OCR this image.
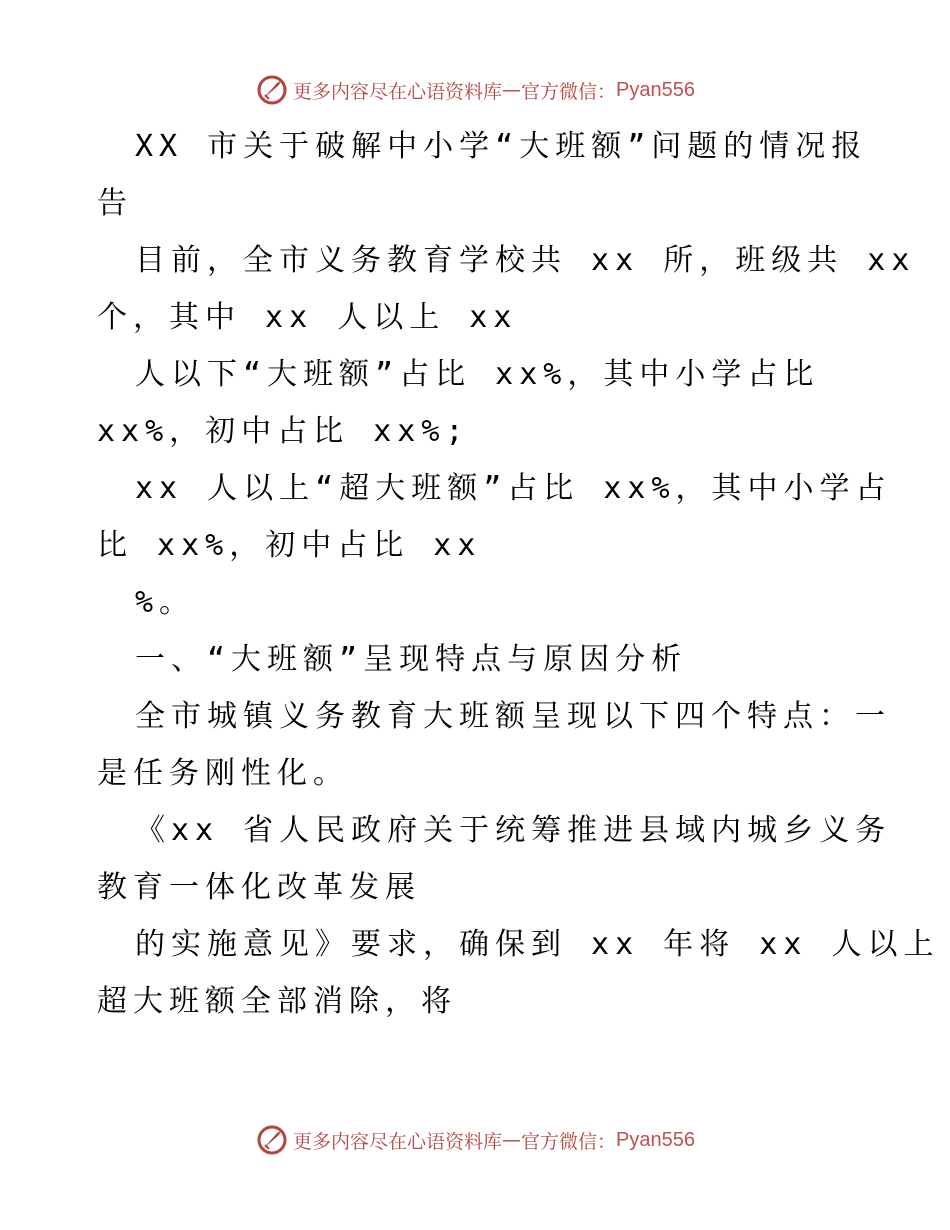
更多内容尽在心语资料库 — 官方微信： Pyan556
XX 市关于破解中小学“大班额”问题的情况报
告
目前，全市义务教育学校共 xx 所，班级共 xx
个，其中 xx 人以上 xx
人以下“大班额”占比 xx%，其中小学占比
xx%，初中占比 xx%;
xx 人以上“超大班额”占比 xx%，其中小学占
比 xx%，初中占比 xx
%。
一、“大班额”呈现特点与原因分析
全市城镇义务教育大班额呈现以下四个特点：一
是任务刚性化。
《xx 省人民政府关于统筹推进县域内城乡义务
教育一体化改革发展
的实施意见》要求，确保到 xx 年将 xx 人以上
超大班额全部消除，将
更多内容尽在心语资料库 — 官方微信： Pyan556
